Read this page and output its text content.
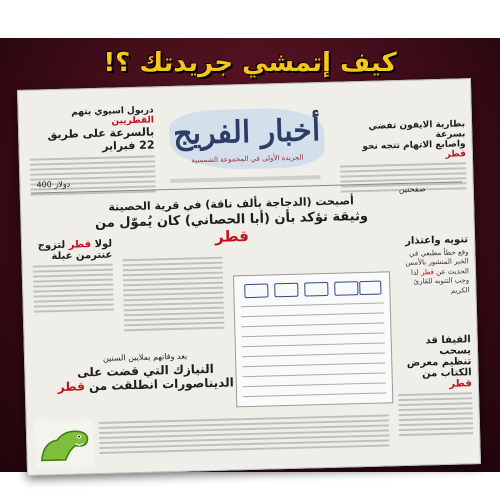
كيف إتمشي جريدتك ؟!
أخبار الفريج
الجريدة الأولى في المجموعة الشمسية
دربول اسيوي يتهم القطريين
بالسرعة على طريق 22 فبراير
بطارية الايفون تفضي بسرعة
واصابع الاتهام تتجه نحو قطر
400 دولار	صفحتين
أصبحت (الدجاجة بألف ناقة) في قرية الحصينة
وثيقة تؤكد بأن (أبا الحصاني) كان يُموّل من قطر
لولا قطر لتزوج
عنترمن عبلة
تنويه واعتذار
وقع خطأ مطبعي في الخبر المنشور بالأمس الحديث عن قطر لذا وجب التنويه للقارئ الكريم
الفيفا قد يسحب
تنظيم معرض
الكتاب من قطر
بعد وفاتهم بملايين السنين
النيازك التي قضت على
الديناصورات انطلقت من قطر
